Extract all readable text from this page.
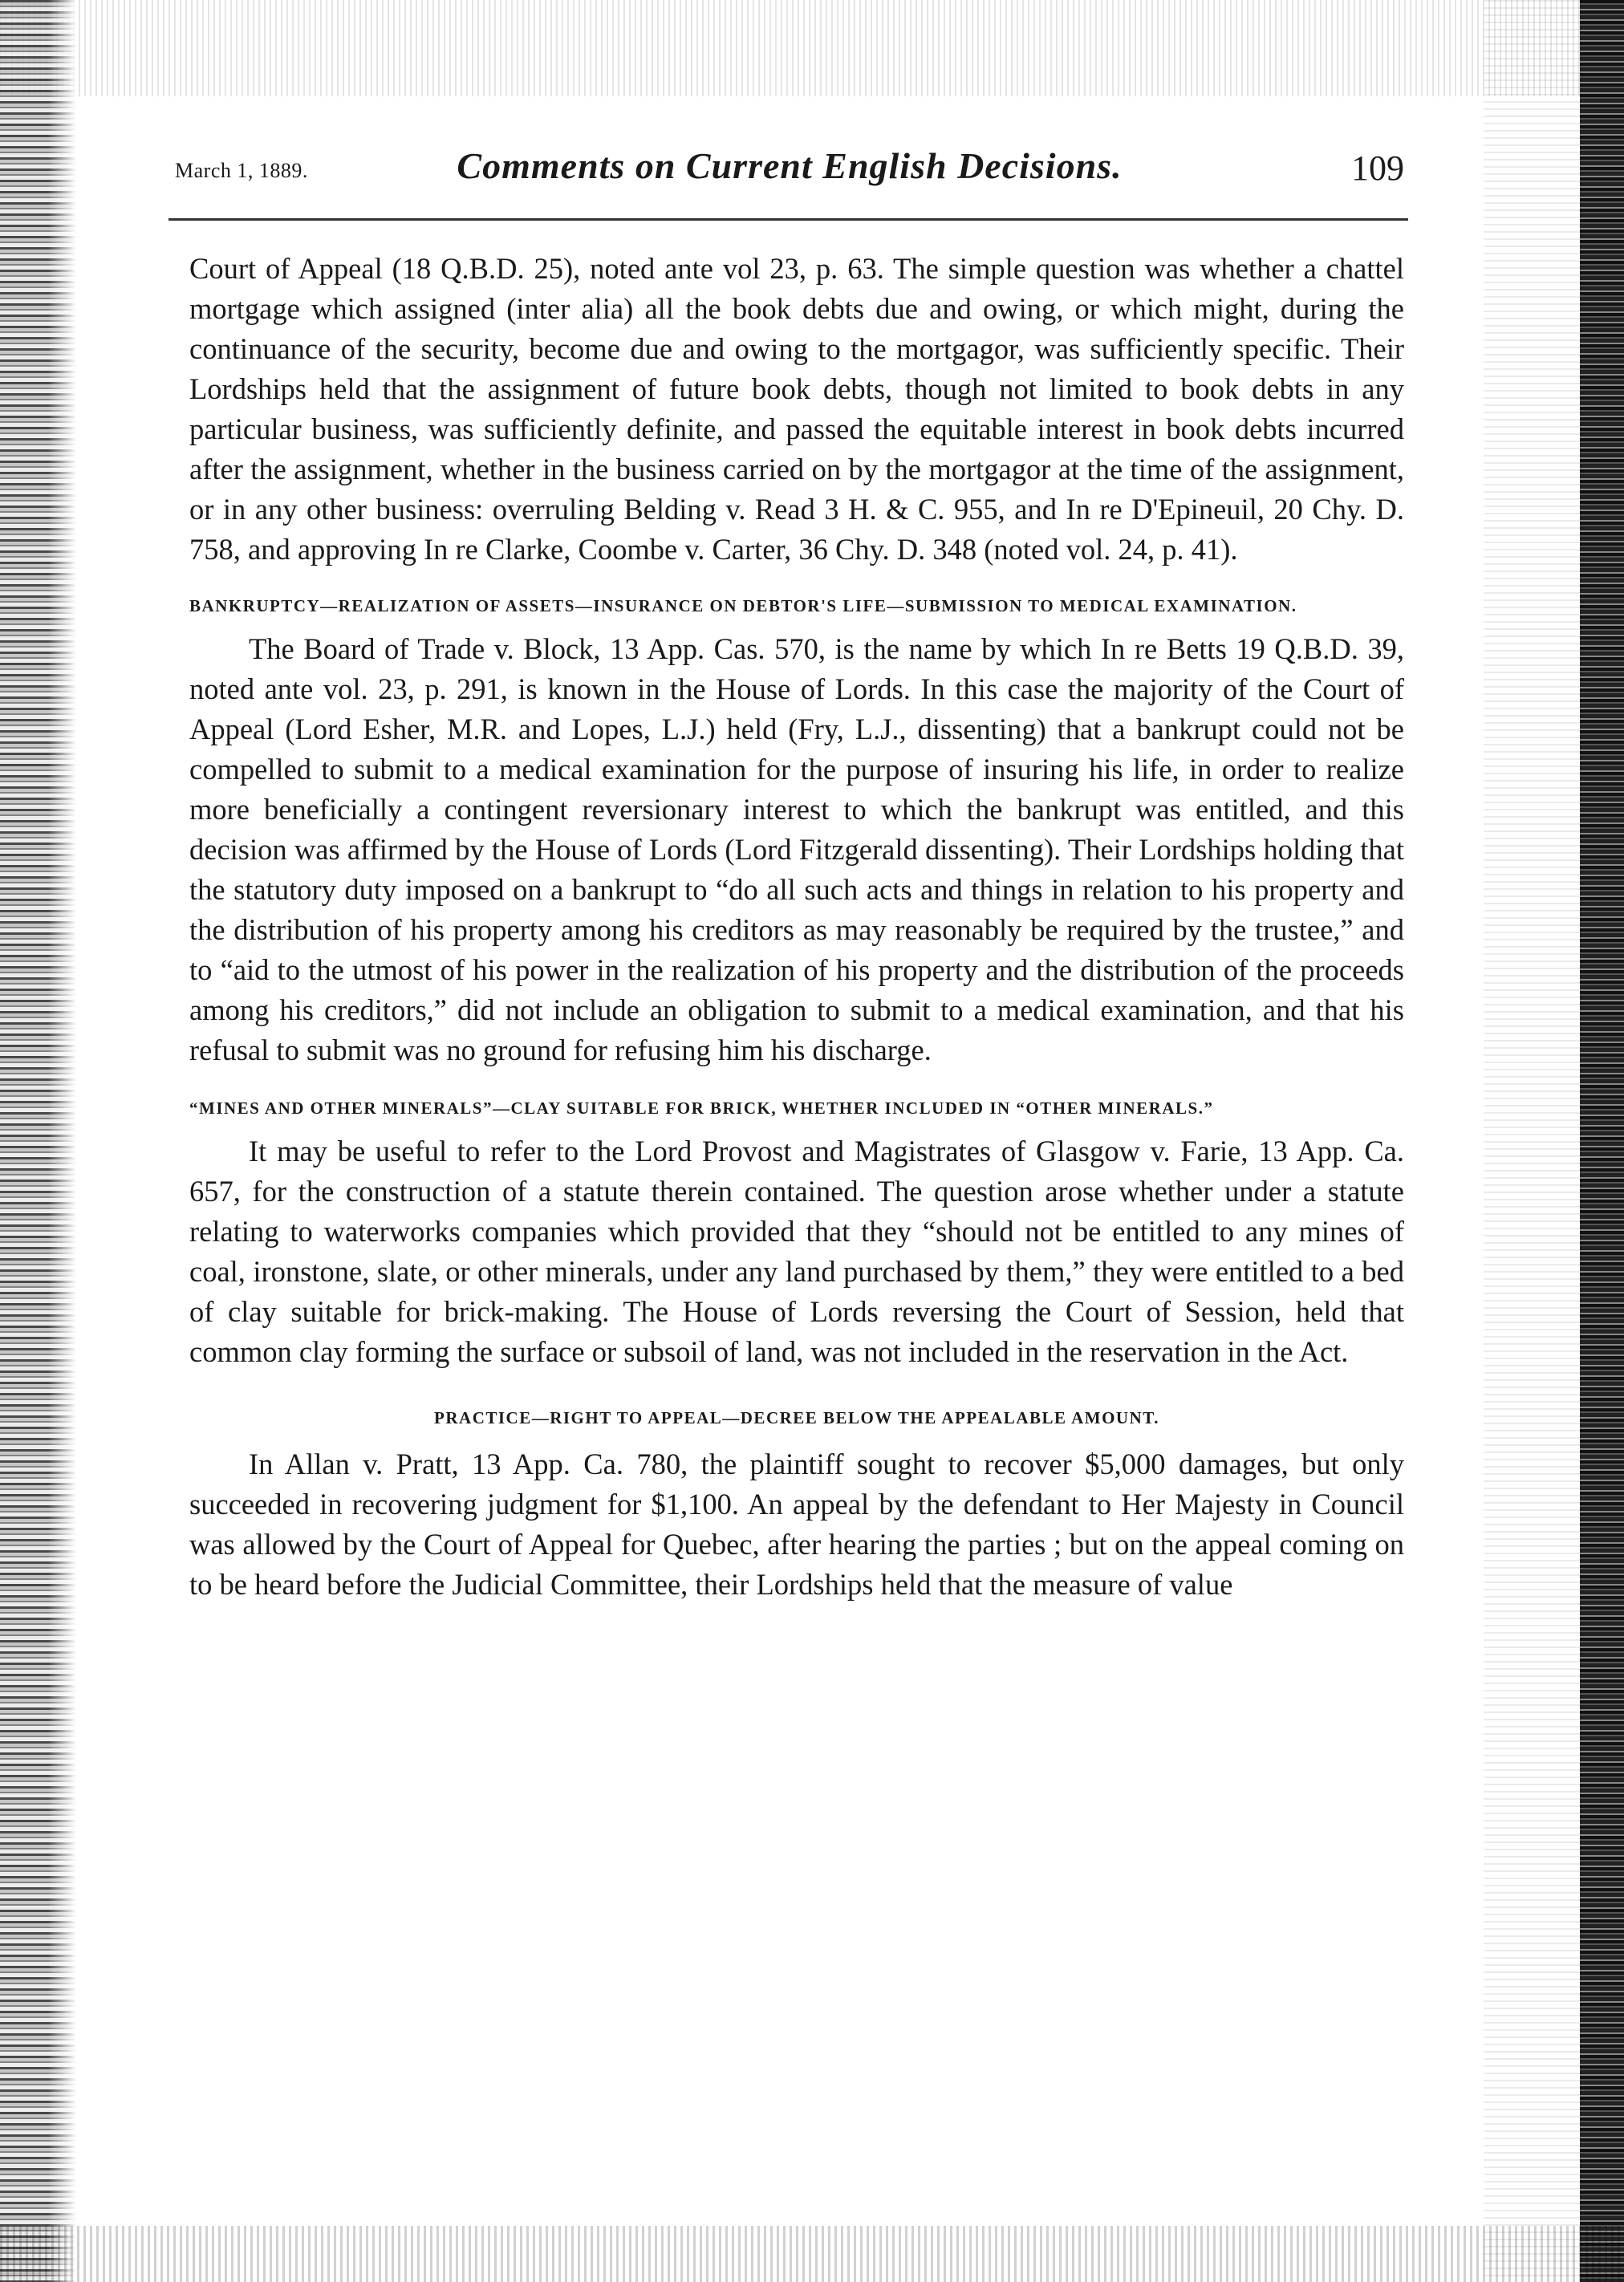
March 1, 1889.	Comments on Current English Decisions.	109

Court of Appeal (18 Q.B.D. 25), noted ante vol 23, p. 63. The simple question was whether a chattel mortgage which assigned (inter alia) all the book debts due and owing, or which might, during the continuance of the security, become due and owing to the mortgagor, was sufficiently specific. Their Lordships held that the assignment of future book debts, though not limited to book debts in any particular business, was sufficiently definite, and passed the equitable interest in book debts incurred after the assignment, whether in the business carried on by the mortgagor at the time of the assignment, or in any other business: overruling Belding v. Read 3 H. & C. 955, and In re D'Epineuil, 20 Chy. D. 758, and approving In re Clarke, Coombe v. Carter, 36 Chy. D. 348 (noted vol. 24, p. 41).

BANKRUPTCY—REALIZATION OF ASSETS—INSURANCE ON DEBTOR'S LIFE—SUBMISSION TO MEDICAL EXAMINATION.

The Board of Trade v. Block, 13 App. Cas. 570, is the name by which In re Betts 19 Q.B.D. 39, noted ante vol. 23, p. 291, is known in the House of Lords. In this case the majority of the Court of Appeal (Lord Esher, M.R. and Lopes, L.J.) held (Fry, L.J., dissenting) that a bankrupt could not be compelled to submit to a medical examination for the purpose of insuring his life, in order to realize more beneficially a contingent reversionary interest to which the bankrupt was entitled, and this decision was affirmed by the House of Lords (Lord Fitzgerald dissenting). Their Lordships holding that the statutory duty imposed on a bankrupt to “do all such acts and things in relation to his property and the distribution of his property among his creditors as may reasonably be required by the trustee,” and to “aid to the utmost of his power in the realization of his property and the distribution of the proceeds among his creditors,” did not include an obligation to submit to a medical examination, and that his refusal to submit was no ground for refusing him his discharge.

“MINES AND OTHER MINERALS”—CLAY SUITABLE FOR BRICK, WHETHER INCLUDED IN “OTHER MINERALS.”

It may be useful to refer to the Lord Provost and Magistrates of Glasgow v. Farie, 13 App. Ca. 657, for the construction of a statute therein contained. The question arose whether under a statute relating to waterworks companies which provided that they “should not be entitled to any mines of coal, ironstone, slate, or other minerals, under any land purchased by them,” they were entitled to a bed of clay suitable for brick-making. The House of Lords reversing the Court of Session, held that common clay forming the surface or subsoil of land, was not included in the reservation in the Act.

PRACTICE—RIGHT TO APPEAL—DECREE BELOW THE APPEALABLE AMOUNT.

In Allan v. Pratt, 13 App. Ca. 780, the plaintiff sought to recover $5,000 damages, but only succeeded in recovering judgment for $1,100. An appeal by the defendant to Her Majesty in Council was allowed by the Court of Appeal for Quebec, after hearing the parties ; but on the appeal coming on to be heard before the Judicial Committee, their Lordships held that the measure of value
